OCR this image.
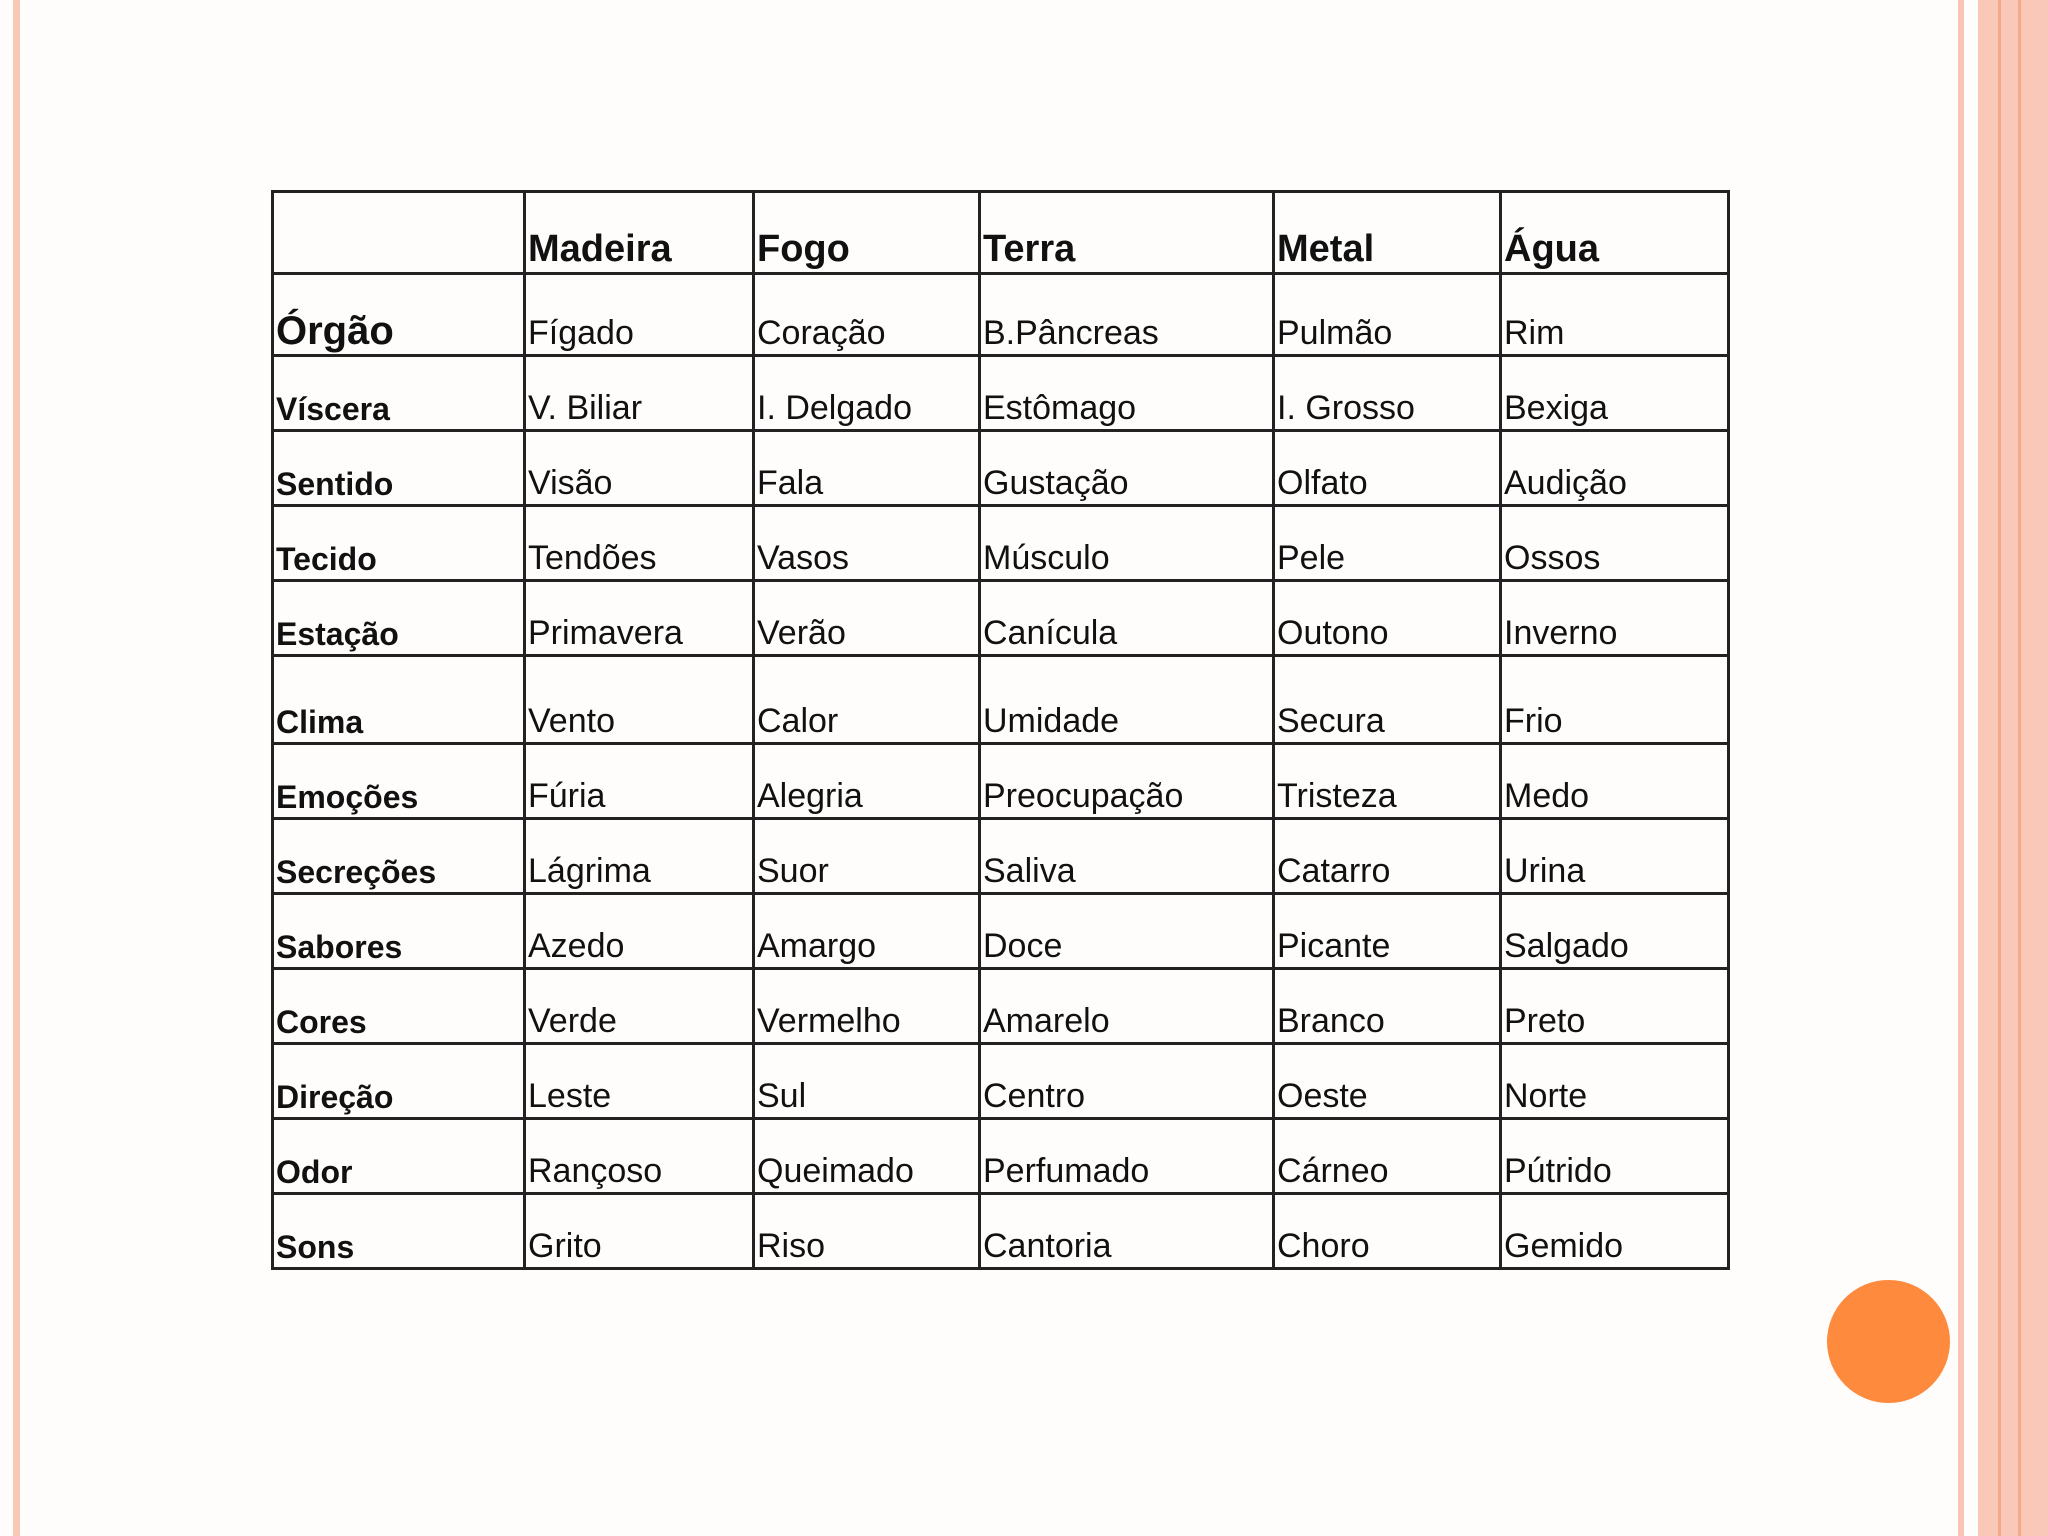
	Madeira	Fogo	Terra	Metal	Água
Órgão	Fígado	Coração	B.Pâncreas	Pulmão	Rim
Víscera	V. Biliar	I. Delgado	Estômago	I. Grosso	Bexiga
Sentido	Visão	Fala	Gustação	Olfato	Audição
Tecido	Tendões	Vasos	Músculo	Pele	Ossos
Estação	Primavera	Verão	Canícula	Outono	Inverno
Clima	Vento	Calor	Umidade	Secura	Frio
Emoções	Fúria	Alegria	Preocupação	Tristeza	Medo
Secreções	Lágrima	Suor	Saliva	Catarro	Urina
Sabores	Azedo	Amargo	Doce	Picante	Salgado
Cores	Verde	Vermelho	Amarelo	Branco	Preto
Direção	Leste	Sul	Centro	Oeste	Norte
Odor	Rançoso	Queimado	Perfumado	Cárneo	Pútrido
Sons	Grito	Riso	Cantoria	Choro	Gemido
